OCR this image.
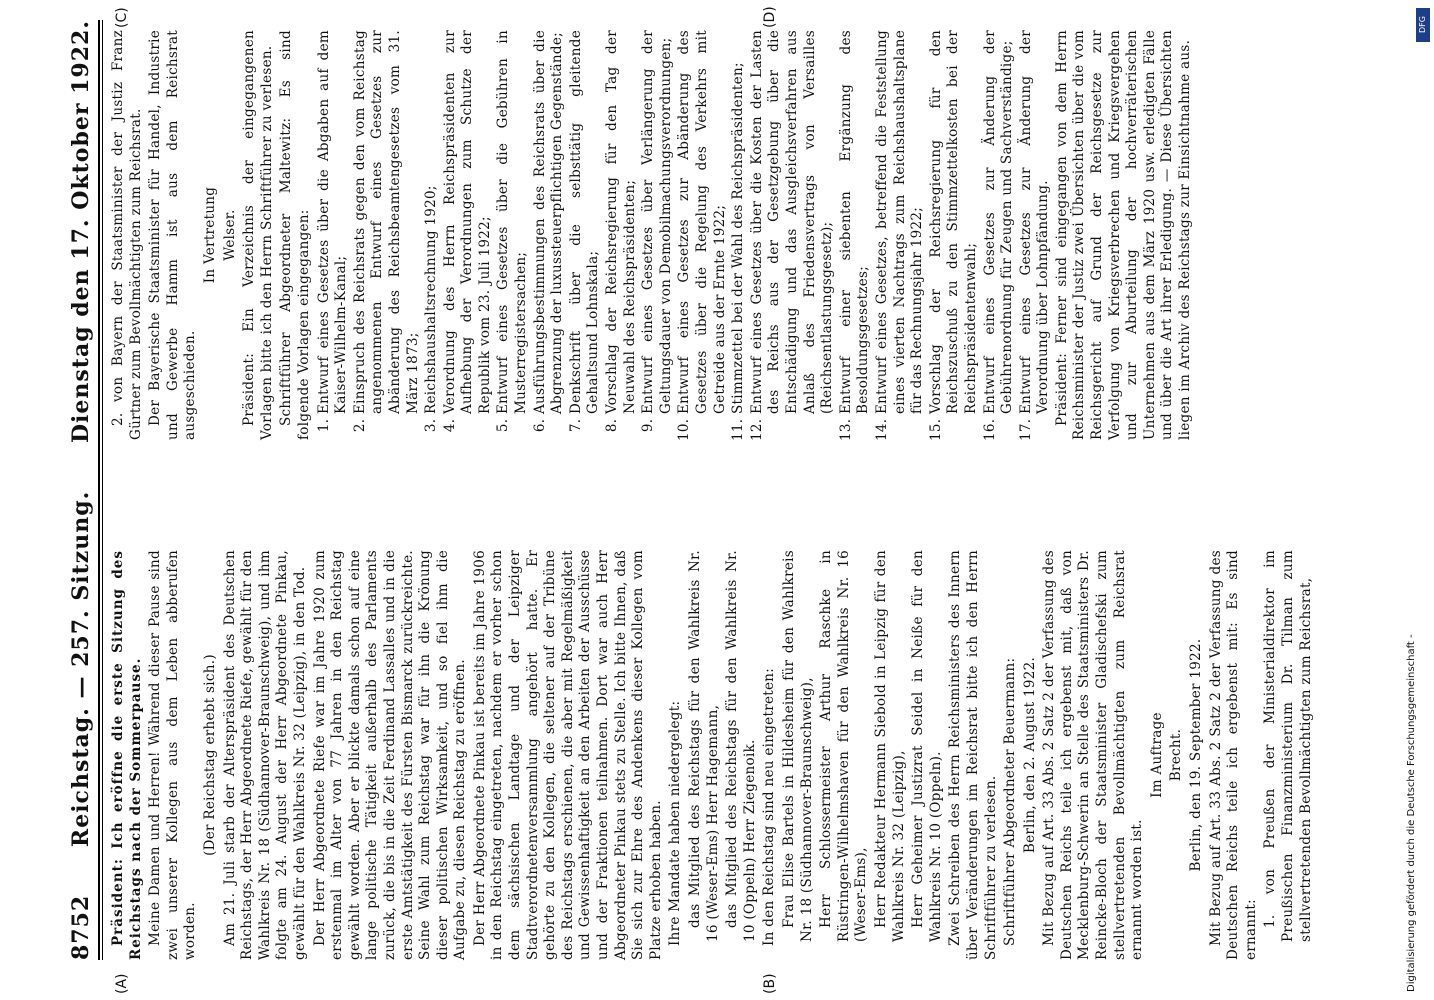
8752
Reichstag. — 257. Sitzung.
Dienstag den 17. Oktober 1922.
(A)	(B)
(C)	(D)

Präsident: Ich eröffne die erste Sitzung des Reichstags nach der Sommerpause. Meine Damen und Herren! Während dieser Pause sind zwei unserer Kollegen aus dem Leben abberufen worden.

(Der Reichstag erhebt sich.) Am 21. Juli starb der Alterspräsident des Deutschen Reichstags, der Herr Abgeordnete Riefe, gewählt für den Wahlkreis Nr. 18 (Südhannover-Braunschweig), und ihm folgte am 24. August der Herr Abgeordnete Pinkau, gewählt für den Wahlkreis Nr. 32 (Leipzig), in den Tod. Der Herr Abgeordnete Riefe war im Jahre 1920 zum erstenmal im Alter von 77 Jahren in den Reichstag gewählt worden. Aber er blickte damals schon auf eine lange politische Tätigkeit außerhalb des Parlaments zurück, die bis in die Zeit Ferdinand Lassalles und in die erste Amtstätigkeit des Fürsten Bismarck zurückreichte. Seine Wahl zum Reichstag war für ihn die Krönung dieser politischen Wirksamkeit, und so fiel ihm die Aufgabe zu, diesen Reichstag zu eröffnen. Der Herr Abgeordnete Pinkau ist bereits im Jahre 1906 in den Reichstag eingetreten, nachdem er vorher schon dem sächsischen Landtage und der Leipziger Stadtverordnetenversammlung angehört hatte. Er gehörte zu den Kollegen, die seltener auf der Tribüne des Reichstags erschienen, die aber mit Regelmäßigkeit und Gewissenhaftigkeit an den Arbeiten der Ausschüsse und der Fraktionen teilnahmen. Dort war auch Herr Abgeordneter Pinkau stets zu Stelle. Ich bitte Ihnen, daß Sie sich zur Ehre des Andenkens dieser Kollegen vom Platze erhoben haben. Ihre Mandate haben niedergelegt: das Mitglied des Reichstags für den Wahlkreis Nr. 16 (Weser-Ems) Herr Hagemann, das Mitglied des Reichstags für den Wahlkreis Nr. 10 (Oppeln) Herr Ziegenoik. In den Reichstag sind neu eingetreten: Frau Elise Bartels in Hildesheim für den Wahlkreis Nr. 18 (Südhannover-Braunschweig), Herr Schlossermeister Arthur Raschke in Rüstringen-Wilhelmshaven für den Wahlkreis Nr. 16 (Weser-Ems), Herr Redakteur Hermann Siebold in Leipzig für den Wahlkreis Nr. 32 (Leipzig), Herr Geheimer Justizrat Seidel in Neiße für den Wahlkreis Nr. 10 (Oppeln). Zwei Schreiben des Herrn Reichsministers des Innern über Veränderungen im Reichsrat bitte ich den Herrn Schriftführer zu verlesen. Schriftführer Abgeordneter Beuermann: Berlin, den 2. August 1922. Mit Bezug auf Art. 33 Abs. 2 Satz 2 der Verfassung des Deutschen Reichs teile ich ergebenst mit, daß von Mecklenburg-Schwerin an Stelle des Staatsministers Dr. Reincke-Bloch der Staatsminister Gladischefski zum stellvertretenden Bevollmächtigten zum Reichsrat ernannt worden ist.

Im Auftrage Brecht. Berlin, den 19. September 1922. Mit Bezug auf Art. 33 Abs. 2 Satz 2 der Verfassung des Deutschen Reichs teile ich ergebenst mit: Es sind ernannt:

1. von Preußen der Ministerialdirektor im Preußischen Finanzministerium Dr. Tilman zum stellvertretenden Bevollmächtigten zum Reichsrat,

2. von Bayern der Staatsminister der Justiz Franz Gürtner zum Bevollmächtigten zum Reichsrat. Der Bayerische Staatsminister für Handel, Industrie und Gewerbe Hamm ist aus dem Reichsrat ausgeschieden.

In Vertretung Welser. Präsident: Ein Verzeichnis der eingegangenen Vorlagen bitte ich den Herrn Schriftführer zu verlesen. Schriftführer Abgeordneter Maltewitz: Es sind folgende Vorlagen eingegangen: 1. Entwurf eines Gesetzes über die Abgaben auf dem Kaiser-Wilhelm-Kanal; 2. Einspruch des Reichsrats gegen den vom Reichstag angenommenen Entwurf eines Gesetzes zur Abänderung des Reichsbeamtengesetzes vom 31. März 1873; 3. Reichshaushaltsrechnung 1920; 4. Verordnung des Herrn Reichspräsidenten zur Aufhebung der Verordnungen zum Schutze der Republik vom 23. Juli 1922; 5. Entwurf eines Gesetzes über die Gebühren in Musterregistersachen; 6. Ausführungsbestimmungen des Reichsrats über die Abgrenzung der luxussteuerpflichtigen Gegenstände; 7. Denkschrift über die selbsttätig gleitende Gehaltsund Lohnskala; 8. Vorschlag der Reichsregierung für den Tag der Neuwahl des Reichspräsidenten; 9. Entwurf eines Gesetzes über Verlängerung der Geltungsdauer von Demobilmachungsverordnungen; 10. Entwurf eines Gesetzes zur Abänderung des Gesetzes über die Regelung des Verkehrs mit Getreide aus der Ernte 1922; 11. Stimmzettel bei der Wahl des Reichspräsidenten; 12. Entwurf eines Gesetzes über die Kosten der Lasten des Reichs aus der Gesetzgebung über die Entschädigung und das Ausgleichsverfahren aus Anlaß des Friedensvertrags von Versailles (Reichsentlastungsgesetz); 13. Entwurf einer siebenten Ergänzung des Besoldungsgesetzes; 14. Entwurf eines Gesetzes, betreffend die Feststellung eines vierten Nachtrags zum Reichshaushaltsplane für das Rechnungsjahr 1922; 15. Vorschlag der Reichsregierung für den Reichszuschuß zu den Stimmzettelkosten bei der Reichspräsidentenwahl; 16. Entwurf eines Gesetzes zur Änderung der Gebührenordnung für Zeugen und Sachverständige; 17. Entwurf eines Gesetzes zur Änderung der Verordnung über Lohnpfändung. Präsident: Ferner sind eingegangen von dem Herrn Reichsminister der Justiz zwei Übersichten über die vom Reichsgericht auf Grund der Reichsgesetze zur Verfolgung von Kriegsverbrechen und Kriegsvergehen und zur Aburteilung der hochverräterischen Unternehmen aus dem März 1920 usw. erledigten Fälle und über die Art ihrer Erledigung. — Diese Übersichten liegen im Archiv des Reichstags zur Einsichtnahme aus.

Digitalisierung gefördert durch die Deutsche Forschungsgemeinschaft -
DFG
